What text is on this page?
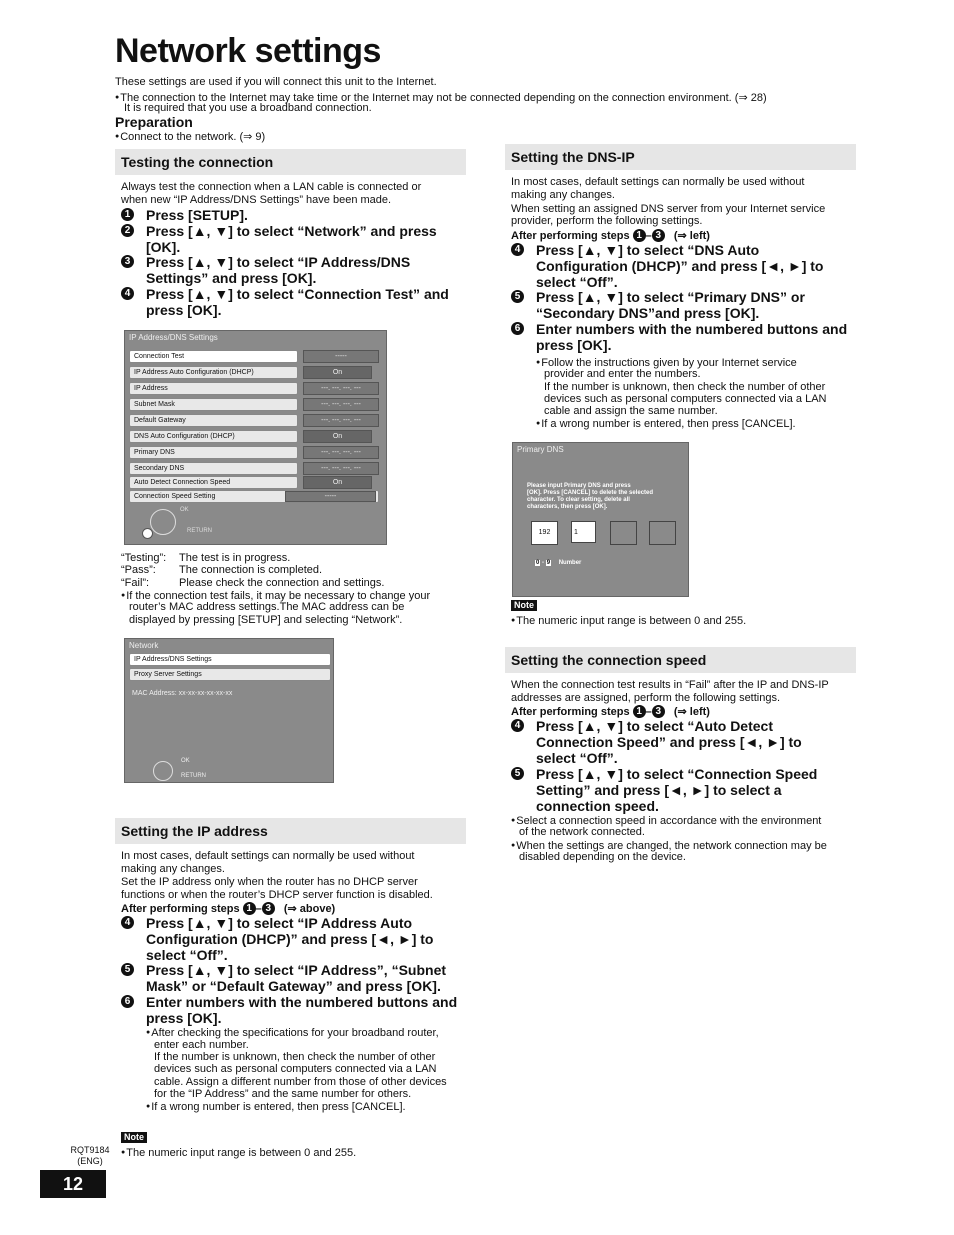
Network settings
These settings are used if you will connect this unit to the Internet.
● The connection to the Internet may take time or the Internet may not be connected depending on the connection environment. (⇒ 28)
It is required that you use a broadband connection.
Preparation
● Connect to the network. (⇒ 9)
Testing the connection
Always test the connection when a LAN cable is connected or
when new “IP Address/DNS Settings” have been made.
1 Press [SETUP].
2 Press [▲, ▼] to select “Network” and press [OK].
3 Press [▲, ▼] to select “IP Address/DNS Settings” and press [OK].
4 Press [▲, ▼] to select “Connection Test” and press [OK].
IP Address/DNS Settings
Connection Test	-----
IP Address Auto Configuration (DHCP)	On
IP Address	---. ---. ---. ---
Subnet Mask	---. ---. ---. ---
Default Gateway	---. ---. ---. ---
DNS Auto Configuration (DHCP)	On
Primary DNS	---. ---. ---. ---
Secondary DNS	---. ---. ---. ---
Auto Detect Connection Speed	On
Connection Speed Setting	-----
OK
RETURN
“Testing”: The test is in progress.
“Pass”: The connection is completed.
“Fail”:	Please check the connection and settings.
● If the connection test fails, it may be necessary to change your
router’s MAC address settings.The MAC address can be
displayed by pressing [SETUP] and selecting “Network”.
Network
IP Address/DNS Settings
Proxy Server Settings
MAC Address: xx-xx-xx-xx-xx-xx
OK
RETURN
Setting the IP address
In most cases, default settings can normally be used without
making any changes.
Set the IP address only when the router has no DHCP server
functions or when the router’s DHCP server function is disabled.
After performing steps 1 – 3 (⇒ above)
4 Press [▲, ▼] to select “IP Address Auto Configuration (DHCP)” and press [◄, ►] to select “Off”.
5 Press [▲, ▼] to select “IP Address”, “Subnet Mask” or “Default Gateway” and press [OK].
6 Enter numbers with the numbered buttons and press [OK].
● After checking the specifications for your broadband router,
enter each number.
If the number is unknown, then check the number of other
devices such as personal computers connected via a LAN
cable. Assign a different number from those of other devices
for the “IP Address” and the same number for others.
● If a wrong number is entered, then press [CANCEL].
Note
● The numeric input range is between 0 and 255.
Setting the DNS-IP
In most cases, default settings can normally be used without
making any changes.
When setting an assigned DNS server from your Internet service
provider, perform the following settings.
After performing steps 1 – 3 (⇒ left)
4 Press [▲, ▼] to select “DNS Auto Configuration (DHCP)” and press [◄, ►] to select “Off”.
5 Press [▲, ▼] to select “Primary DNS” or “Secondary DNS”and press [OK].
6 Enter numbers with the numbered buttons and press [OK].
● Follow the instructions given by your Internet service
provider and enter the numbers.
If the number is unknown, then check the number of other
devices such as personal computers connected via a LAN
cable and assign the same number.
● If a wrong number is entered, then press [CANCEL].
Primary DNS
Please input Primary DNS and press
[OK]. Press [CANCEL] to delete the selected
character. To clear setting, delete all
characters, then press [OK].
192	1
0 - 9 Number
Note
● The numeric input range is between 0 and 255.
Setting the connection speed
When the connection test results in “Fail” after the IP and DNS-IP
addresses are assigned, perform the following settings.
After performing steps 1 – 3 (⇒ left)
4 Press [▲, ▼] to select “Auto Detect Connection Speed” and press [◄, ►] to select “Off”.
5 Press [▲, ▼] to select “Connection Speed Setting” and press [◄, ►] to select a connection speed.
● Select a connection speed in accordance with the environment
of the network connected.
● When the settings are changed, the network connection may be
disabled depending on the device.
RQT9184
(ENG)
12
